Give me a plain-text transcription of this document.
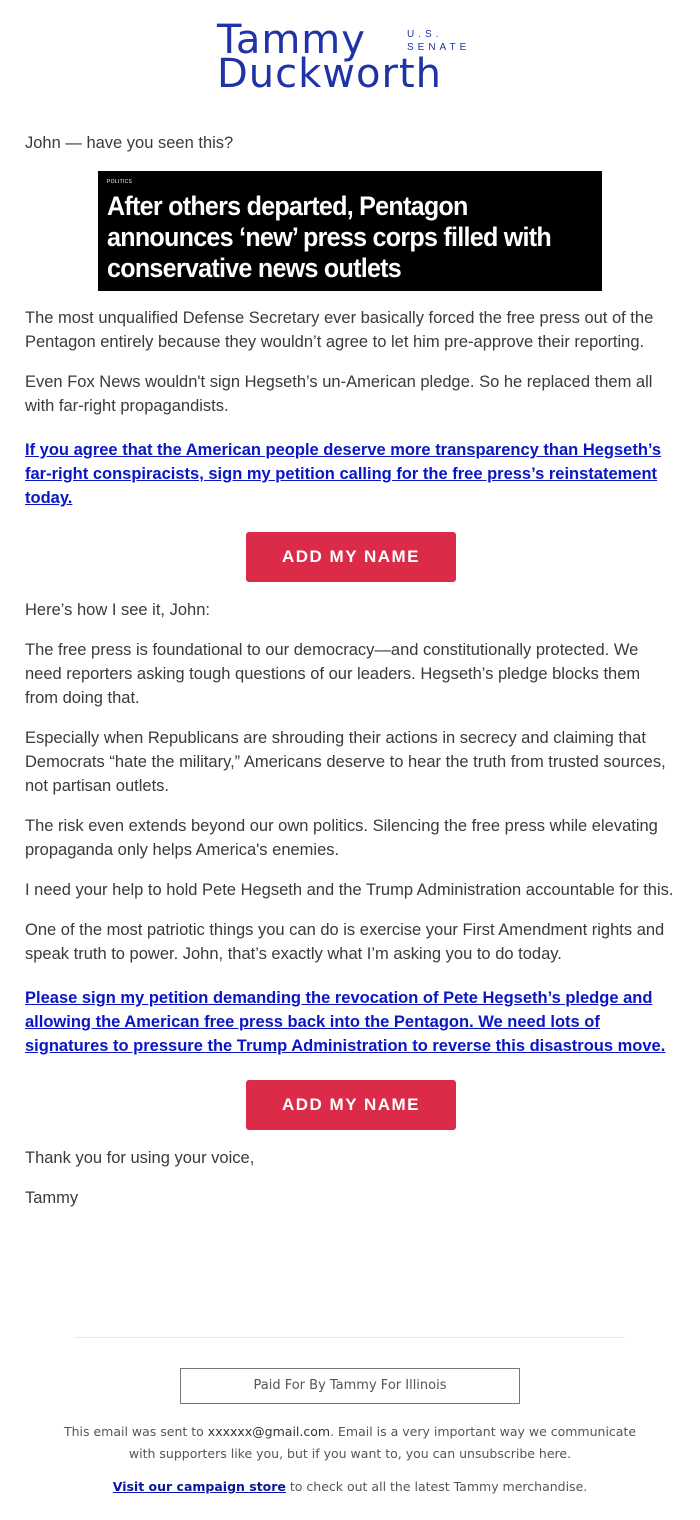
Tammy	U.S.
SENATE
Duckworth

John — have you seen this?

POLITICS
After others departed, Pentagon
announces ‘new’ press corps filled with
conservative news outlets

The most unqualified Defense Secretary ever basically forced the free press out of the Pentagon entirely because they wouldn’t agree to let him pre-approve their reporting.

Even Fox News wouldn't sign Hegseth’s un-American pledge. So he replaced them all with far-right propagandists.

If you agree that the American people deserve more transparency than Hegseth’s far-right conspiracists, sign my petition calling for the free press’s reinstatement today.
ADD MY NAME

Here’s how I see it, John:

The free press is foundational to our democracy—and constitutionally protected. We need reporters asking tough questions of our leaders. Hegseth’s pledge blocks them from doing that.

Especially when Republicans are shrouding their actions in secrecy and claiming that Democrats “hate the military,” Americans deserve to hear the truth from trusted sources, not partisan outlets.

The risk even extends beyond our own politics. Silencing the free press while elevating propaganda only helps America's enemies.

I need your help to hold Pete Hegseth and the Trump Administration accountable for this.

One of the most patriotic things you can do is exercise your First Amendment rights and speak truth to power. John, that’s exactly what I’m asking you to do today.

Please sign my petition demanding the revocation of Pete Hegseth’s pledge and allowing the American free press back into the Pentagon. We need lots of signatures to pressure the Trump Administration to reverse this disastrous move.
ADD MY NAME

Thank you for using your voice,

Tammy

Paid For By Tammy For Illinois
This email was sent to xxxxxx@gmail.com. Email is a very important way we communicate with supporters like you, but if you want to, you can unsubscribe here.
Visit our campaign store to check out all the latest Tammy merchandise.
